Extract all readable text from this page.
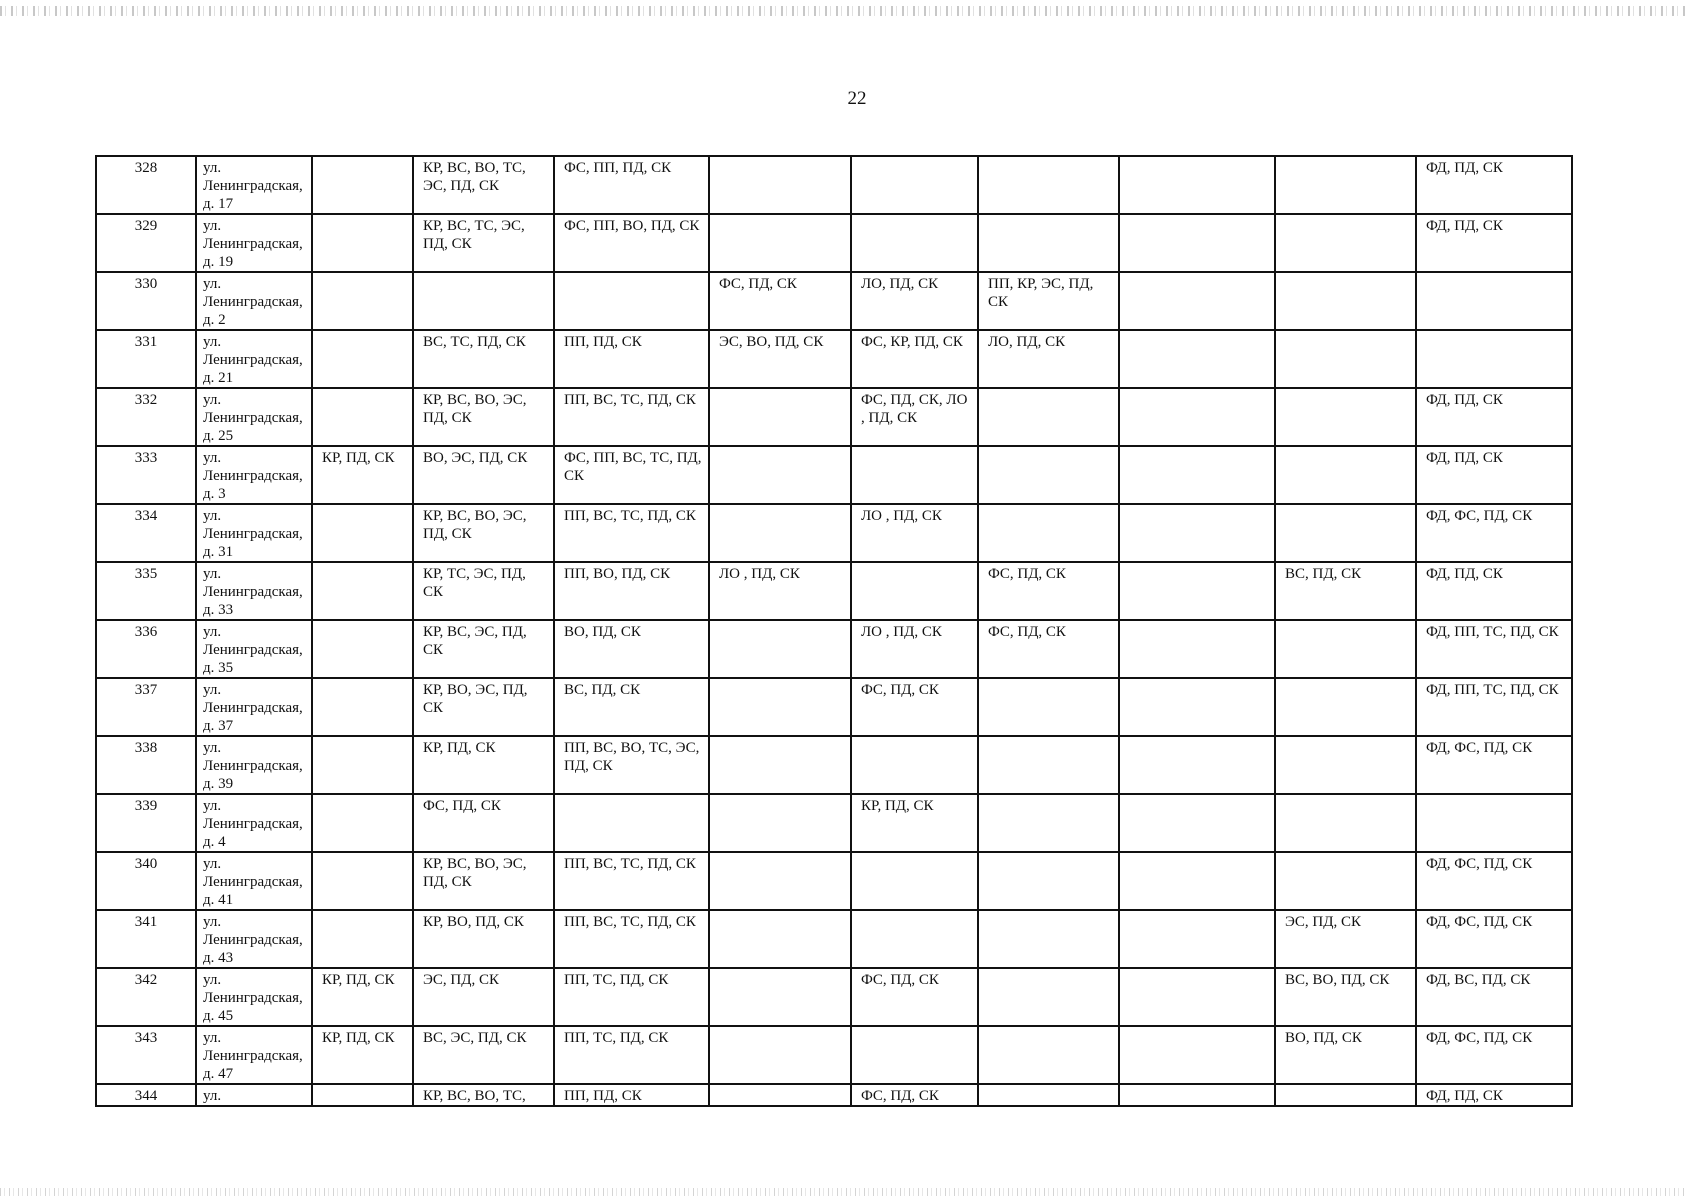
22
328	ул. Ленинградская, д. 17		КР, ВС, ВО, ТС, ЭС, ПД, СК	ФС, ПП, ПД, СК						ФД, ПД, СК
329	ул. Ленинградская, д. 19		КР, ВС, ТС, ЭС, ПД, СК	ФС, ПП, ВО, ПД, СК						ФД, ПД, СК
330	ул. Ленинградская, д. 2				ФС, ПД, СК	ЛО, ПД, СК	ПП, КР, ЭС, ПД, СК			
331	ул. Ленинградская, д. 21		ВС, ТС, ПД, СК	ПП, ПД, СК	ЭС, ВО, ПД, СК	ФС, КР, ПД, СК	ЛО, ПД, СК			
332	ул. Ленинградская, д. 25		КР, ВС, ВО, ЭС, ПД, СК	ПП, ВС, ТС, ПД, СК		ФС, ПД, СК, ЛО , ПД, СК				ФД, ПД, СК
333	ул. Ленинградская, д. 3	КР, ПД, СК	ВО, ЭС, ПД, СК	ФС, ПП, ВС, ТС, ПД, СК						ФД, ПД, СК
334	ул. Ленинградская, д. 31		КР, ВС, ВО, ЭС, ПД, СК	ПП, ВС, ТС, ПД, СК		ЛО , ПД, СК				ФД, ФС, ПД, СК
335	ул. Ленинградская, д. 33		КР, ТС, ЭС, ПД, СК	ПП, ВО, ПД, СК	ЛО , ПД, СК		ФС, ПД, СК		ВС, ПД, СК	ФД, ПД, СК
336	ул. Ленинградская, д. 35		КР, ВС, ЭС, ПД, СК	ВО, ПД, СК		ЛО , ПД, СК	ФС, ПД, СК			ФД, ПП, ТС, ПД, СК
337	ул. Ленинградская, д. 37		КР, ВО, ЭС, ПД, СК	ВС, ПД, СК		ФС, ПД, СК				ФД, ПП, ТС, ПД, СК
338	ул. Ленинградская, д. 39		КР, ПД, СК	ПП, ВС, ВО, ТС, ЭС, ПД, СК						ФД, ФС, ПД, СК
339	ул. Ленинградская, д. 4		ФС, ПД, СК			КР, ПД, СК				
340	ул. Ленинградская, д. 41		КР, ВС, ВО, ЭС, ПД, СК	ПП, ВС, ТС, ПД, СК						ФД, ФС, ПД, СК
341	ул. Ленинградская, д. 43		КР, ВО, ПД, СК	ПП, ВС, ТС, ПД, СК					ЭС, ПД, СК	ФД, ФС, ПД, СК
342	ул. Ленинградская, д. 45	КР, ПД, СК	ЭС, ПД, СК	ПП, ТС, ПД, СК		ФС, ПД, СК			ВС, ВО, ПД, СК	ФД, ВС, ПД, СК
343	ул. Ленинградская, д. 47	КР, ПД, СК	ВС, ЭС, ПД, СК	ПП, ТС, ПД, СК					ВО, ПД, СК	ФД, ФС, ПД, СК
344	ул.		КР, ВС, ВО, ТС,	ПП, ПД, СК		ФС, ПД, СК				ФД, ПД, СК
